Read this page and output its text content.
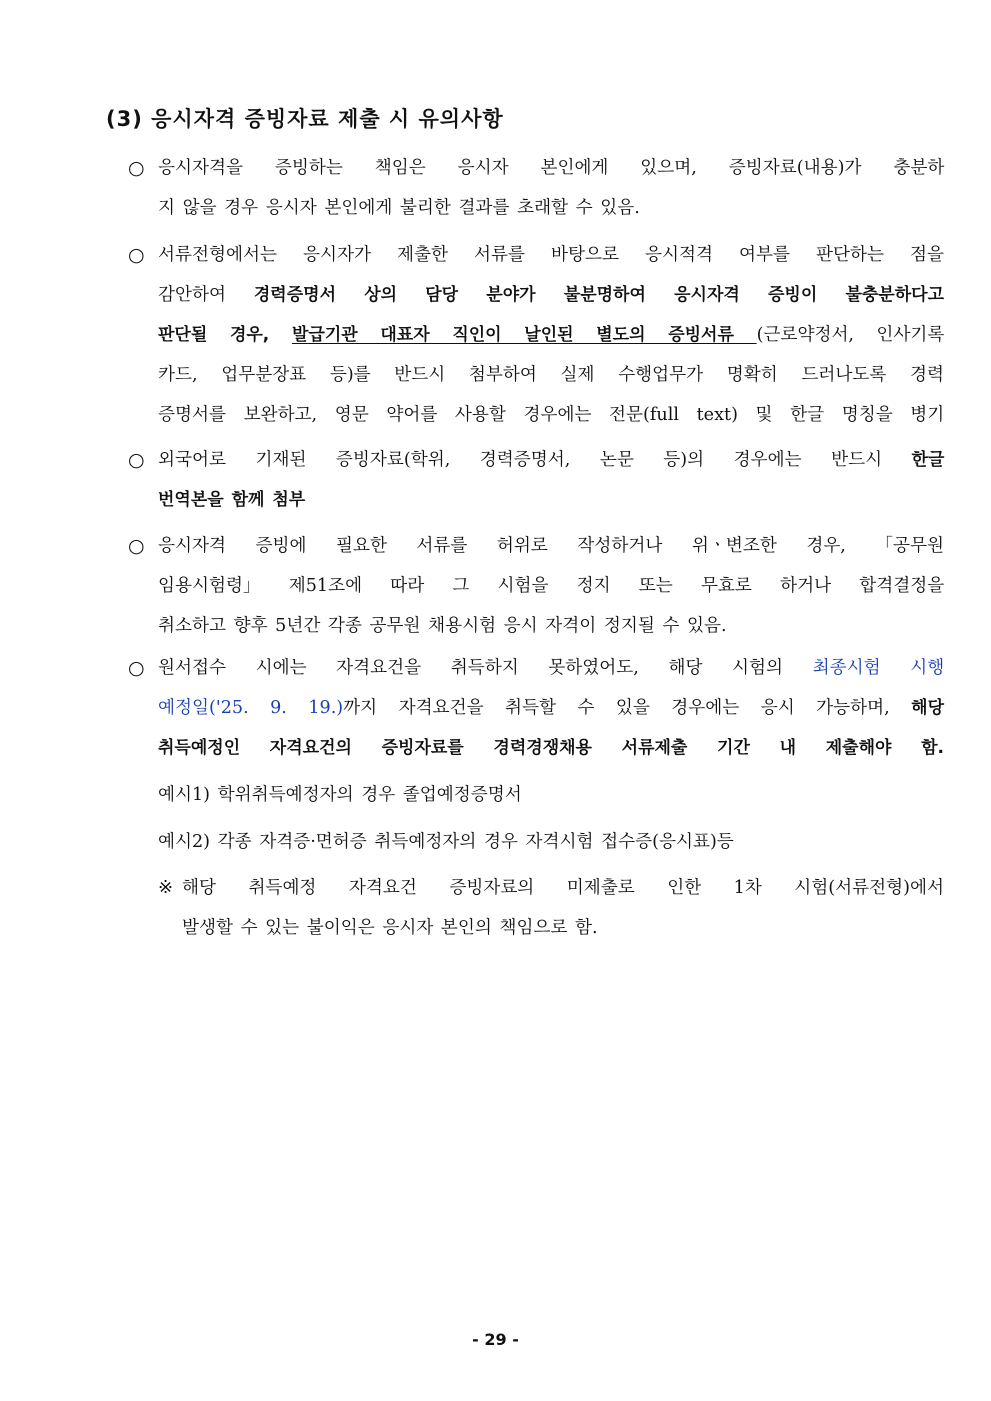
(3) 응시자격 증빙자료 제출 시 유의사항
○ 응시자격을 증빙하는 책임은 응시자 본인에게 있으며, 증빙자료(내용)가 충분하
지 않을 경우 응시자 본인에게 불리한 결과를 초래할 수 있음.
○ 서류전형에서는 응시자가 제출한 서류를 바탕으로 응시적격 여부를 판단하는 점을
감안하여 경력증명서 상의 담당 분야가 불분명하여 응시자격 증빙이 불충분하다고
판단될 경우, 발급기관 대표자 직인이 날인된 별도의 증빙서류 (근로약정서, 인사기록
카드, 업무분장표 등)를 반드시 첨부하여 실제 수행업무가 명확히 드러나도록 경력
증명서를 보완하고, 영문 약어를 사용할 경우에는 전문(full text) 및 한글 명칭을 병기
○ 외국어로 기재된 증빙자료(학위, 경력증명서, 논문 등)의 경우에는 반드시 한글
번역본을 함께 첨부
○ 응시자격 증빙에 필요한 서류를 허위로 작성하거나 위ㆍ변조한 경우, 「공무원
임용시험령」 제51조에 따라 그 시험을 정지 또는 무효로 하거나 합격결정을
취소하고 향후 5년간 각종 공무원 채용시험 응시 자격이 정지될 수 있음.
○ 원서접수 시에는 자격요건을 취득하지 못하였어도, 해당 시험의 최종시험 시행
예정일('25. 9. 19.)까지 자격요건을 취득할 수 있을 경우에는 응시 가능하며, 해당
취득예정인 자격요건의 증빙자료를 경력경쟁채용 서류제출 기간 내 제출해야 함.
예시1) 학위취득예정자의 경우 졸업예정증명서
예시2) 각종 자격증·면허증 취득예정자의 경우 자격시험 접수증(응시표)등
※ 해당 취득예정 자격요건 증빙자료의 미제출로 인한 1차 시험(서류전형)에서
발생할 수 있는 불이익은 응시자 본인의 책임으로 함.
- 29 -
